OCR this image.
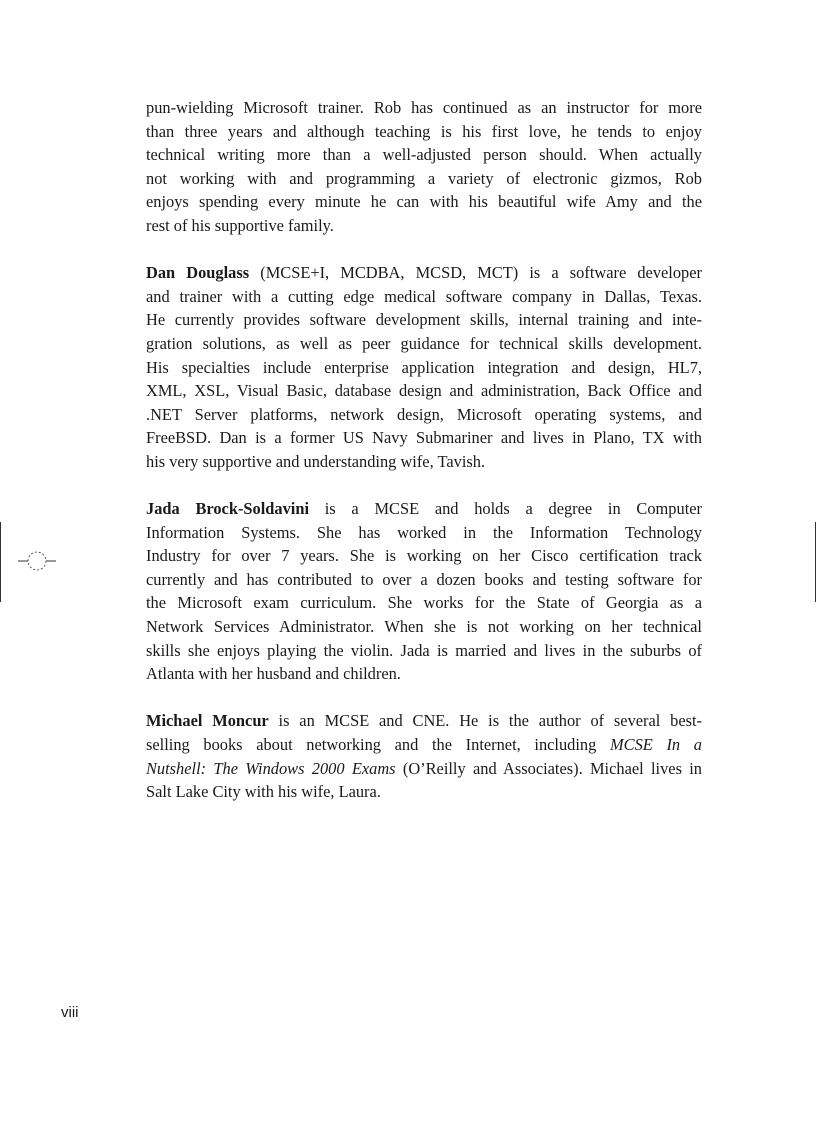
pun-wielding Microsoft trainer. Rob has continued as an instructor for more
than three years and although teaching is his first love, he tends to enjoy
technical writing more than a well-adjusted person should. When actually
not working with and programming a variety of electronic gizmos, Rob
enjoys spending every minute he can with his beautiful wife Amy and the
rest of his supportive family.
Dan Douglass (MCSE+I, MCDBA, MCSD, MCT) is a software developer
and trainer with a cutting edge medical software company in Dallas, Texas.
He currently provides software development skills, internal training and inte-
gration solutions, as well as peer guidance for technical skills development.
His specialties include enterprise application integration and design, HL7,
XML, XSL, Visual Basic, database design and administration, Back Office and
.NET Server platforms, network design, Microsoft operating systems, and
FreeBSD. Dan is a former US Navy Submariner and lives in Plano, TX with
his very supportive and understanding wife, Tavish.
Jada Brock-Soldavini is a MCSE and holds a degree in Computer
Information Systems. She has worked in the Information Technology
Industry for over 7 years. She is working on her Cisco certification track
currently and has contributed to over a dozen books and testing software for
the Microsoft exam curriculum. She works for the State of Georgia as a
Network Services Administrator. When she is not working on her technical
skills she enjoys playing the violin. Jada is married and lives in the suburbs of
Atlanta with her husband and children.
Michael Moncur is an MCSE and CNE. He is the author of several best-
selling books about networking and the Internet, including MCSE In a
Nutshell: The Windows 2000 Exams (O’Reilly and Associates). Michael lives in
Salt Lake City with his wife, Laura.
viii
